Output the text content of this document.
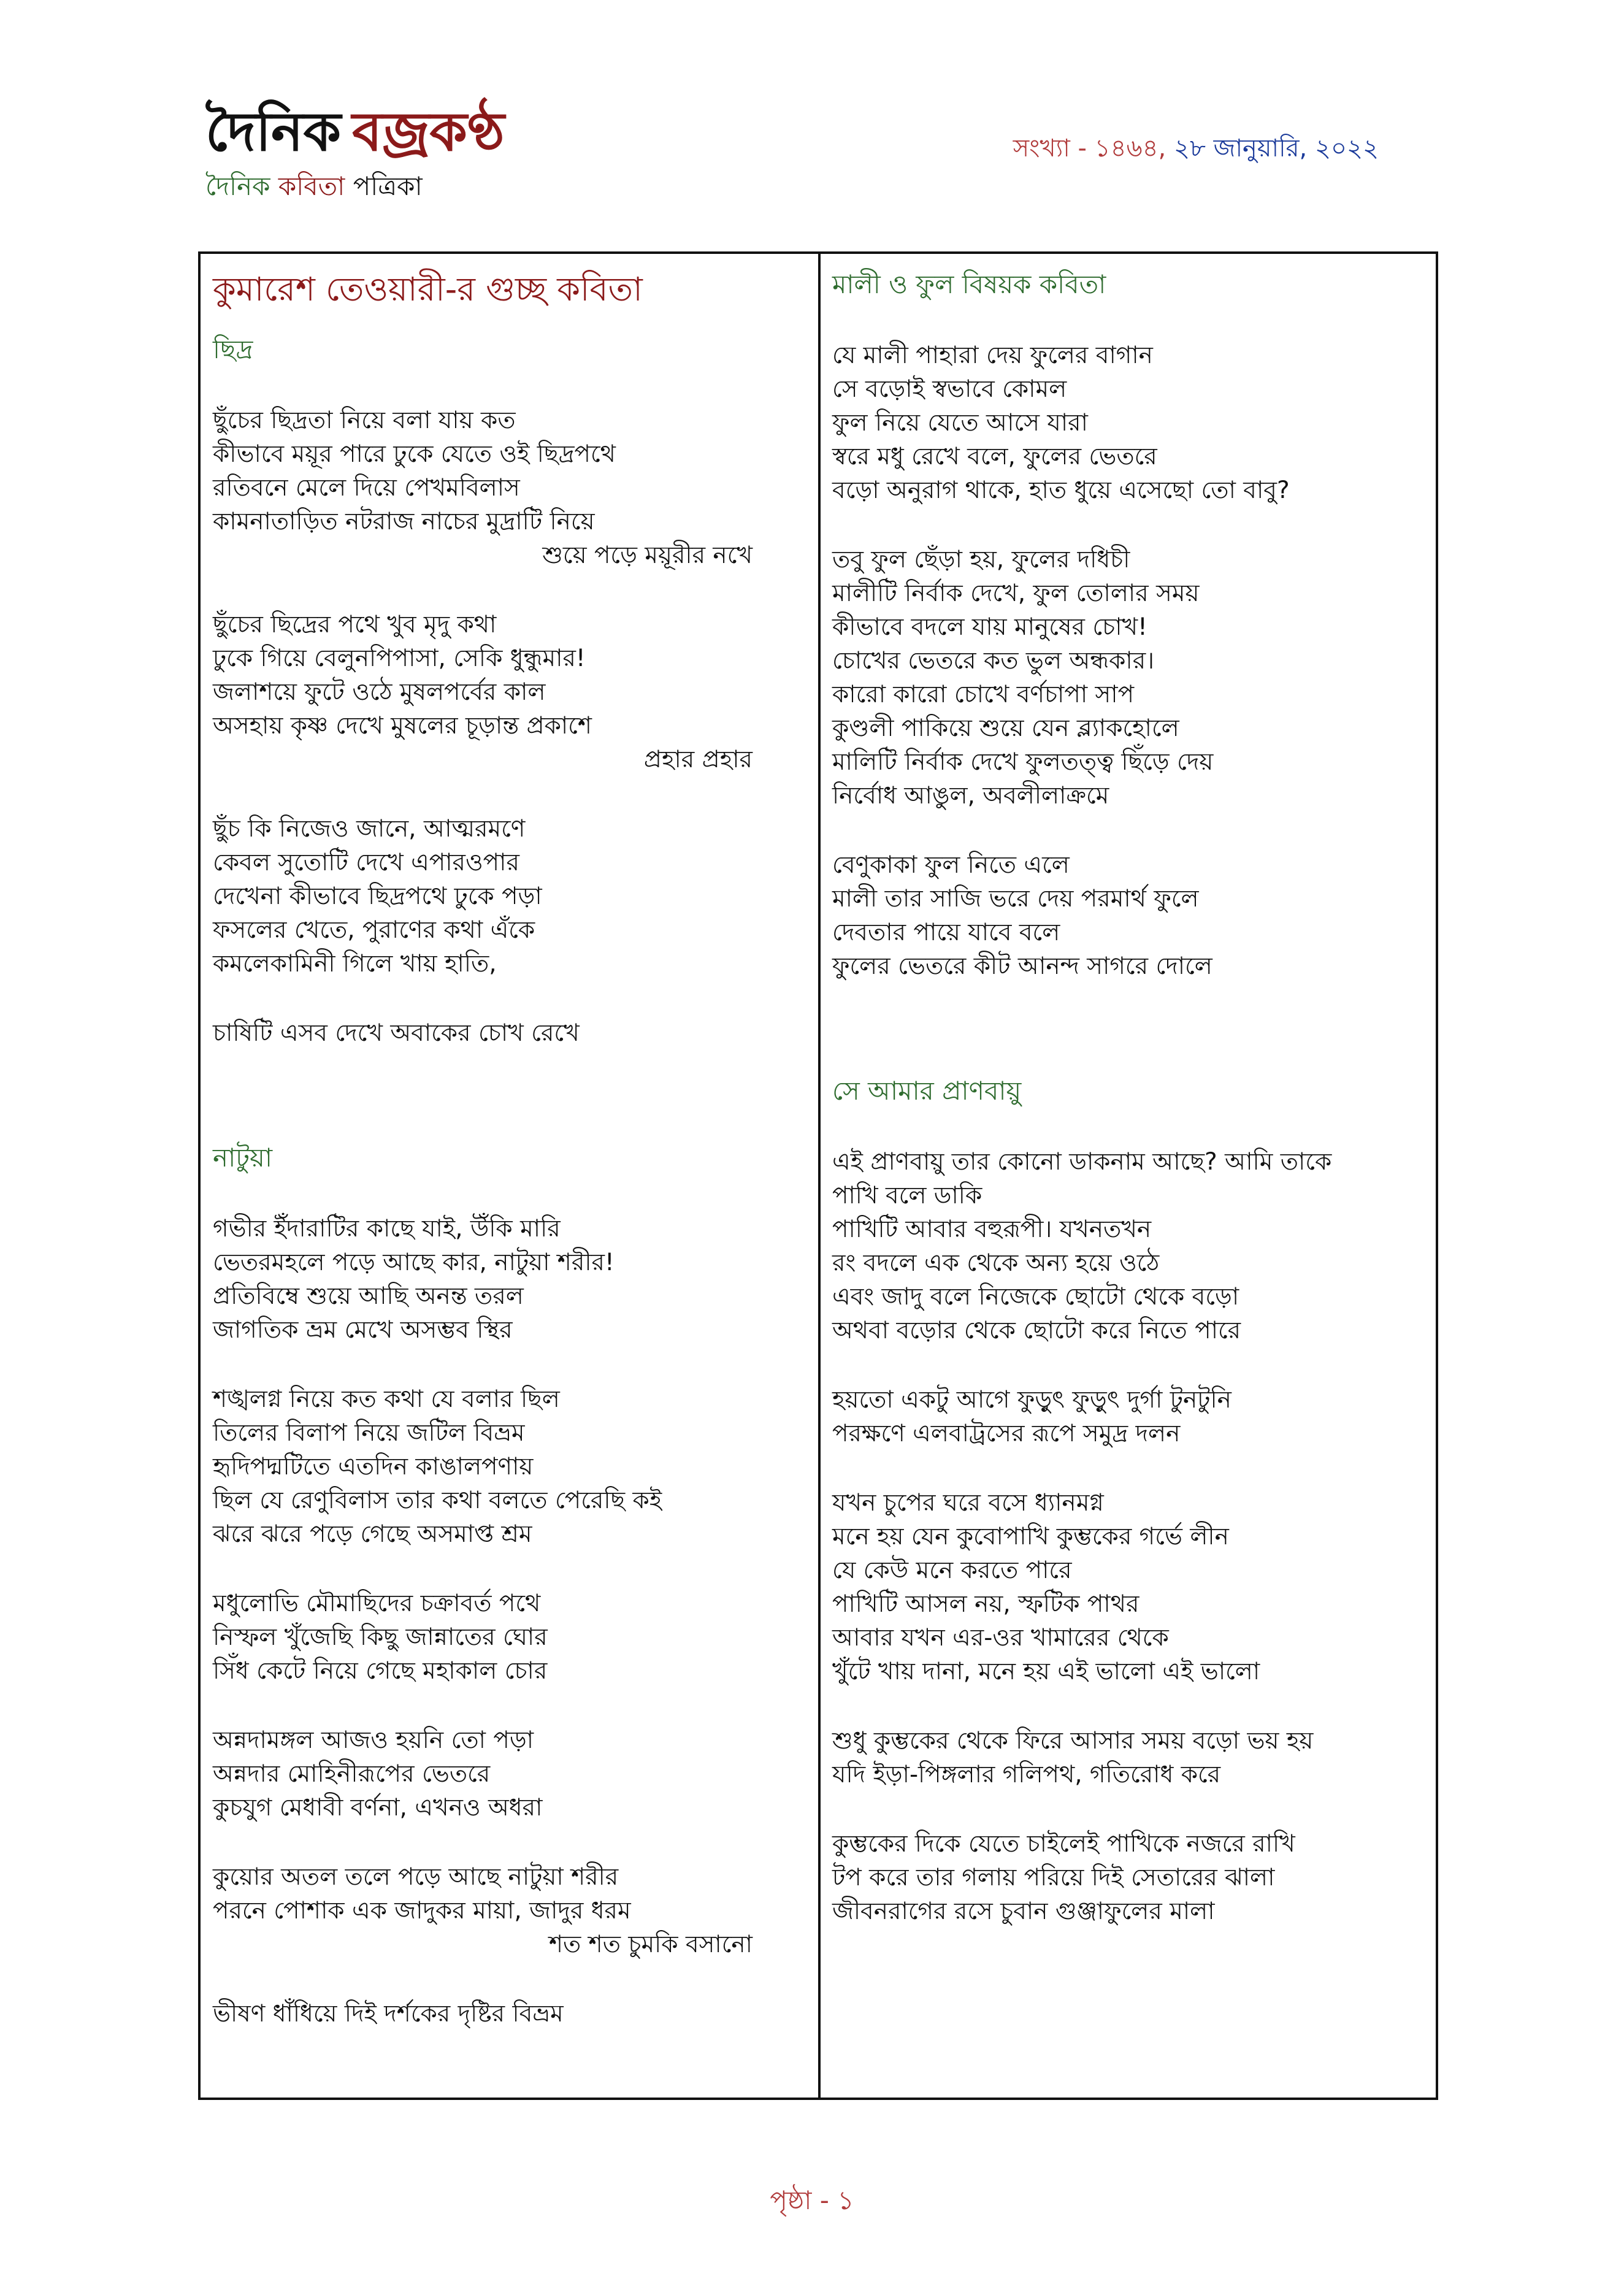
দৈনিক বজ্রকণ্ঠ
দৈনিক কবিতা পত্রিকা
সংখ্যা - ১৪৬৪, ২৮ জানুয়ারি, ২০২২
কুমারেশ তেওয়ারী-র গুচ্ছ কবিতা
ছিদ্র
ছুঁচের ছিদ্রতা নিয়ে বলা যায় কত
কীভাবে ময়ূর পারে ঢুকে যেতে ওই ছিদ্রপথে
রতিবনে মেলে দিয়ে পেখমবিলাস
কামনাতাড়িত নটরাজ নাচের মুদ্রাটি নিয়ে
শুয়ে পড়ে ময়ূরীর নখে
ছুঁচের ছিদ্রের পথে খুব মৃদু কথা
ঢুকে গিয়ে বেলুনপিপাসা, সেকি ধুন্ধুমার!
জলাশয়ে ফুটে ওঠে মুষলপর্বের কাল
অসহায় কৃষ্ণ দেখে মুষলের চূড়ান্ত প্রকাশে
প্রহার প্রহার
ছুঁচ কি নিজেও জানে, আত্মরমণে
কেবল সুতোটি দেখে এপারওপার
দেখেনা কীভাবে ছিদ্রপথে ঢুকে পড়া
ফসলের খেতে, পুরাণের কথা এঁকে
কমলেকামিনী গিলে খায় হাতি,
চাষিটি এসব দেখে অবাকের চোখ রেখে
নাটুয়া
গভীর ইঁদারাটির কাছে যাই, উঁকি মারি
ভেতরমহলে পড়ে আছে কার, নাটুয়া শরীর!
প্রতিবিম্বে শুয়ে আছি অনন্ত তরল
জাগতিক ভ্রম মেখে অসম্ভব স্থির
শঙ্খলগ্ন নিয়ে কত কথা যে বলার ছিল
তিলের বিলাপ নিয়ে জটিল বিভ্রম
হৃদিপদ্মটিতে এতদিন কাঙালপণায়
ছিল যে রেণুবিলাস তার কথা বলতে পেরেছি কই
ঝরে ঝরে পড়ে গেছে অসমাপ্ত শ্রম
মধুলোভি মৌমাছিদের চক্রাবর্ত পথে
নিস্ফল খুঁজেছি কিছু জান্নাতের ঘোর
সিঁধ কেটে নিয়ে গেছে মহাকাল চোর
অন্নদামঙ্গল আজও হয়নি তো পড়া
অন্নদার মোহিনীরূপের ভেতরে
কুচযুগ মেধাবী বর্ণনা, এখনও অধরা
কুয়োর অতল তলে পড়ে আছে নাটুয়া শরীর
পরনে পোশাক এক জাদুকর মায়া, জাদুর ধরম
শত শত চুমকি বসানো
ভীষণ ধাঁধিয়ে দিই দর্শকের দৃষ্টির বিভ্রম
মালী ও ফুল বিষয়ক কবিতা
যে মালী পাহারা দেয় ফুলের বাগান
সে বড়োই স্বভাবে কোমল
ফুল নিয়ে যেতে আসে যারা
স্বরে মধু রেখে বলে, ফুলের ভেতরে
বড়ো অনুরাগ থাকে, হাত ধুয়ে এসেছো তো বাবু?
তবু ফুল ছেঁড়া হয়, ফুলের দধিচী
মালীটি নির্বাক দেখে, ফুল তোলার সময়
কীভাবে বদলে যায় মানুষের চোখ!
চোখের ভেতরে কত ভুল অন্ধকার।
কারো কারো চোখে বর্ণচাপা সাপ
কুণ্ডলী পাকিয়ে শুয়ে যেন ব্ল্যাকহোলে
মালিটি নির্বাক দেখে ফুলতত্ত্ব ছিঁড়ে দেয়
নির্বোধ আঙুল, অবলীলাক্রমে
বেণুকাকা ফুল নিতে এলে
মালী তার সাজি ভরে দেয় পরমার্থ ফুলে
দেবতার পায়ে যাবে বলে
ফুলের ভেতরে কীট আনন্দ সাগরে দোলে
সে আমার প্রাণবায়ু
এই প্রাণবায়ু তার কোনো ডাকনাম আছে? আমি তাকে
পাখি বলে ডাকি
পাখিটি আবার বহুরূপী। যখনতখন
রং বদলে এক থেকে অন্য হয়ে ওঠে
এবং জাদু বলে নিজেকে ছোটো থেকে বড়ো
অথবা বড়োর থেকে ছোটো করে নিতে পারে
হয়তো একটু আগে ফুড়ুৎ ফুড়ুৎ দুর্গা টুনটুনি
পরক্ষণে এলবাট্রসের রূপে সমুদ্র দলন
যখন চুপের ঘরে বসে ধ্যানমগ্ন
মনে হয় যেন কুবোপাখি কুম্ভকের গর্ভে লীন
যে কেউ মনে করতে পারে
পাখিটি আসল নয়, স্ফটিক পাথর
আবার যখন এর-ওর খামারের থেকে
খুঁটে খায় দানা, মনে হয় এই ভালো এই ভালো
শুধু কুম্ভকের থেকে ফিরে আসার সময় বড়ো ভয় হয়
যদি ইড়া-পিঙ্গলার গলিপথ, গতিরোধ করে
কুম্ভকের দিকে যেতে চাইলেই পাখিকে নজরে রাখি
টপ করে তার গলায় পরিয়ে দিই সেতারের ঝালা
জীবনরাগের রসে চুবান গুঞ্জাফুলের মালা
পৃষ্ঠা - ১
